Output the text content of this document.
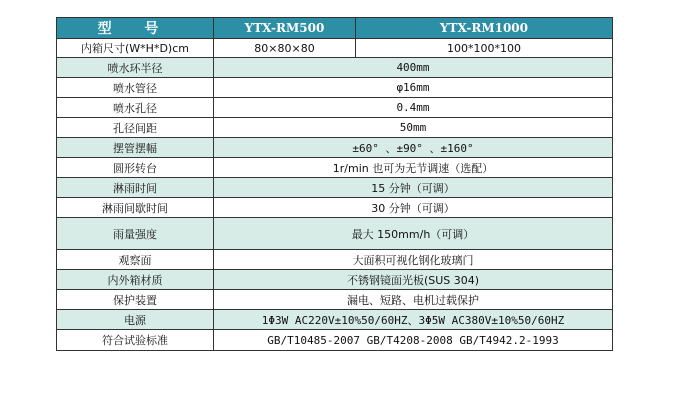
型 号	YTX-RM500	YTX-RM1000
内箱尺寸(W*H*D)cm	80×80×80	100*100*100
喷水环半径	400mm	
喷水管径	φ16mm	
喷水孔径	0.4mm	
孔径间距	50mm	
摆管摆幅	±60° 、±90° 、±160°	
圆形转台	1r/min 也可为无节调速（选配）	
淋雨时间	15 分钟（可调）	
淋雨间歇时间	30 分钟（可调）	
雨量强度	最大 150mm/h（可调）	
观察面	大面积可视化钢化玻璃门	
内外箱材质	不锈钢镜面光板(SUS 304)	
保护装置	漏电、短路、电机过载保护	
电源	1Φ3W AC220V±10%50/60HZ、3Φ5W AC380V±10%50/60HZ	
符合试验标准	GB/T10485-2007 GB/T4208-2008 GB/T4942.2-1993	
